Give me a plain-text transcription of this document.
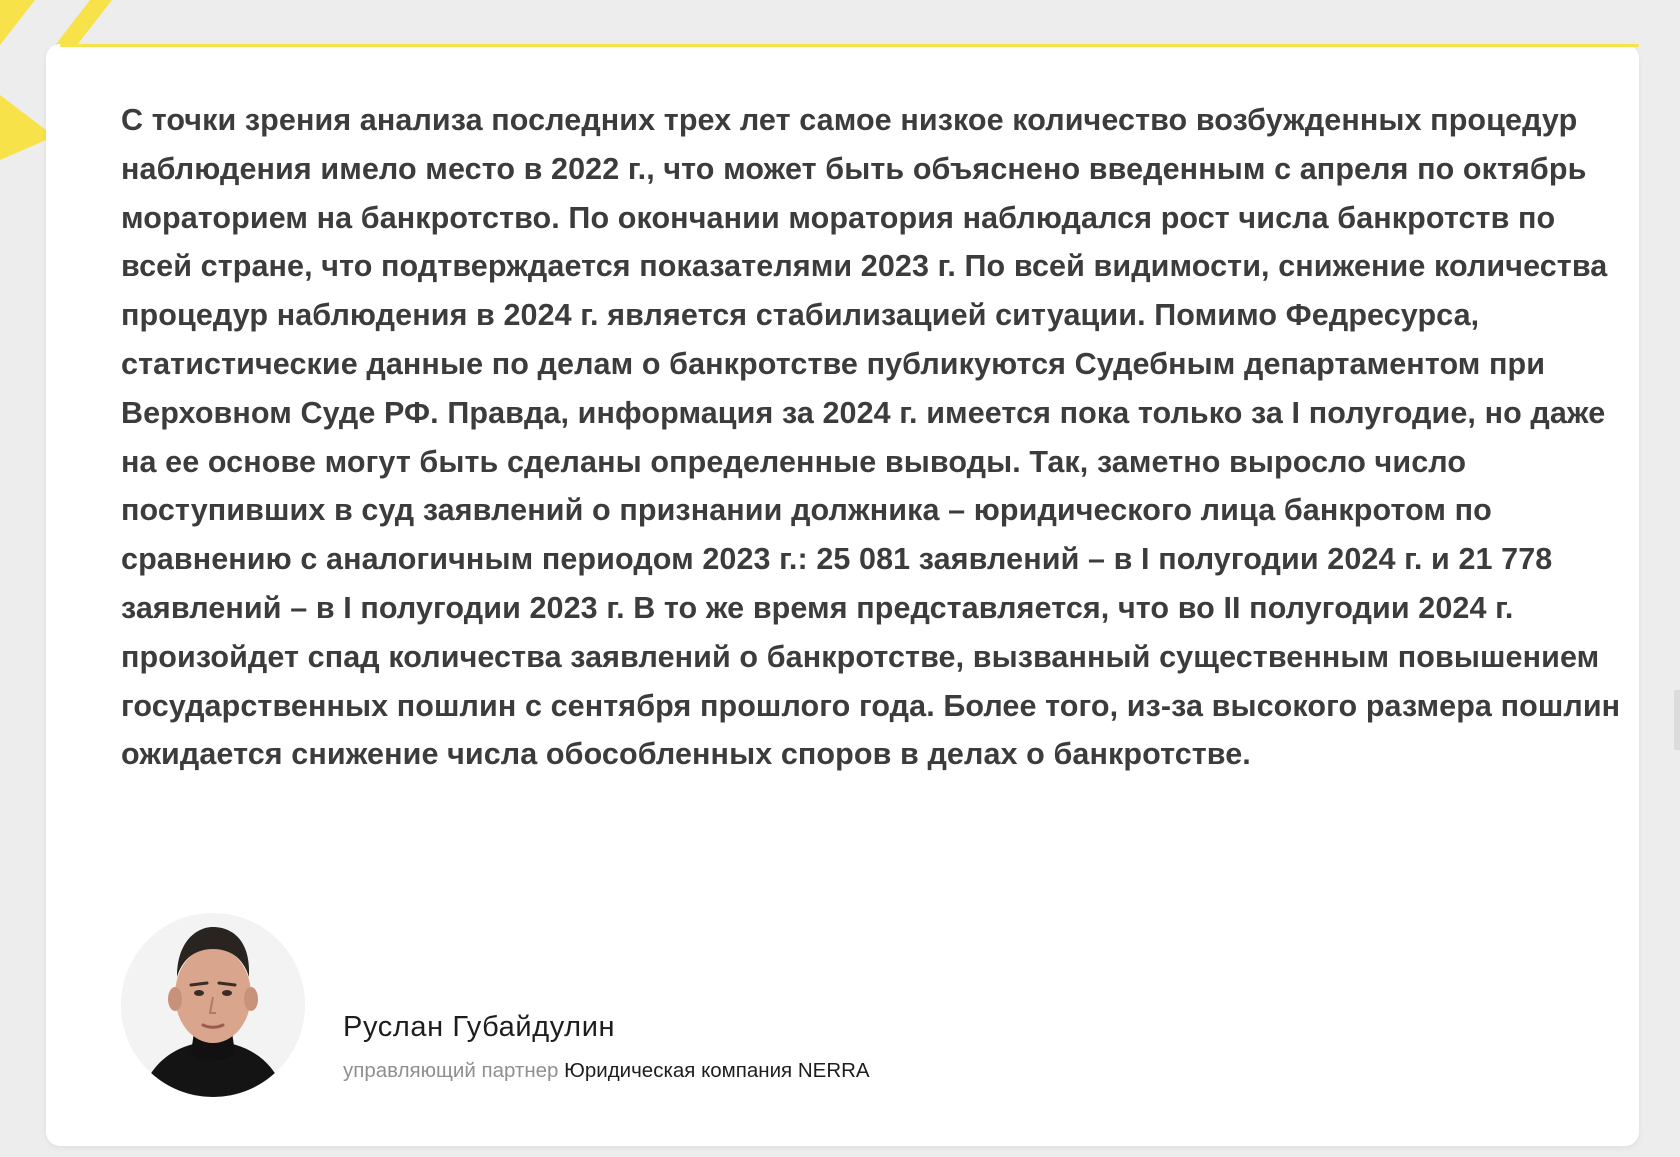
С точки зрения анализа последних трех лет самое низкое количество возбужденных процедур наблюдения имело место в 2022 г., что может быть объяснено введенным с апреля по октябрь мораторием на банкротство. По окончании моратория наблюдался рост числа банкротств по всей стране, что подтверждается показателями 2023 г. По всей видимости, снижение количества процедур наблюдения в 2024 г. является стабилизацией ситуации. Помимо Федресурса, статистические данные по делам о банкротстве публикуются Судебным департаментом при Верховном Суде РФ. Правда, информация за 2024 г. имеется пока только за I полугодие, но даже на ее основе могут быть сделаны определенные выводы. Так, заметно выросло число поступивших в суд заявлений о признании должника – юридического лица банкротом по сравнению с аналогичным периодом 2023 г.: 25 081 заявлений – в I полугодии 2024 г. и 21 778 заявлений – в I полугодии 2023 г. В то же время представляется, что во II полугодии 2024 г. произойдет спад количества заявлений о банкротстве, вызванный существенным повышением государственных пошлин с сентября прошлого года. Более того, из-за высокого размера пошлин ожидается снижение числа обособленных споров в делах о банкротстве.

Руслан Губайдулин

управляющий партнер Юридическая компания NERRA
